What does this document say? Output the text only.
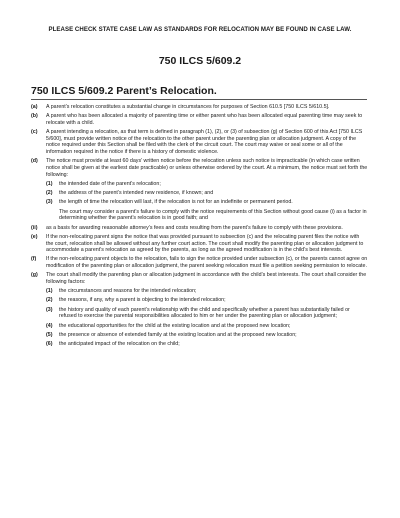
PLEASE CHECK STATE CASE LAW AS STANDARDS FOR RELOCATION MAY BE FOUND IN CASE LAW.
750 ILCS 5/609.2
750 ILCS 5/609.2 Parent’s Relocation.
(a)	A parent’s relocation constitutes a substantial change in circumstances for purposes of Section 610.5 [750 ILCS 5/610.5].
(b)	A parent who has been allocated a majority of parenting time or either parent who has been allocated equal parenting time may seek to relocate with a child.
(c)	A parent intending a relocation, as that term is defined in paragraph (1), (2), or (3) of subsection (g) of Section 600 of this Act [750 ILCS 5/600], must provide written notice of the relocation to the other parent under the parenting plan or allocation judgment. A copy of the notice required under this Section shall be filed with the clerk of the circuit court. The court may waive or seal some or all of the information required in the notice if there is a history of domestic violence.
(d)	The notice must provide at least 60 days’ written notice before the relocation unless such notice is impracticable (in which case written notice shall be given at the earliest date practicable) or unless otherwise ordered by the court. At a minimum, the notice must set forth the following:
(1)	the intended date of the parent’s relocation;
(2)	the address of the parent’s intended new residence, if known; and
(3)	the length of time the relocation will last, if the relocation is not for an indefinite or permanent period.
The court may consider a parent’s failure to comply with the notice requirements of this Section without good cause (i) as a factor in determining whether the parent’s relocation is in good faith; and
(ii)	as a basis for awarding reasonable attorney’s fees and costs resulting from the parent’s failure to comply with these provisions.
(e)	If the non-relocating parent signs the notice that was provided pursuant to subsection (c) and the relocating parent files the notice with the court, relocation shall be allowed without any further court action. The court shall modify the parenting plan or allocation judgment to accommodate a parent’s relocation as agreed by the parents, as long as the agreed modification is in the child’s best interests.
(f)	If the non-relocating parent objects to the relocation, fails to sign the notice provided under subsection (c), or the parents cannot agree on modification of the parenting plan or allocation judgment, the parent seeking relocation must file a petition seeking permission to relocate.
(g)	The court shall modify the parenting plan or allocation judgment in accordance with the child’s best interests. The court shall consider the following factors:
(1)	the circumstances and reasons for the intended relocation;
(2)	the reasons, if any, why a parent is objecting to the intended relocation;
(3)	the history and quality of each parent’s relationship with the child and specifically whether a parent has substantially failed or refused to exercise the parental responsibilities allocated to him or her under the parenting plan or allocation judgment;
(4)	the educational opportunities for the child at the existing location and at the proposed new location;
(5)	the presence or absence of extended family at the existing location and at the proposed new location;
(6)	the anticipated impact of the relocation on the child;
